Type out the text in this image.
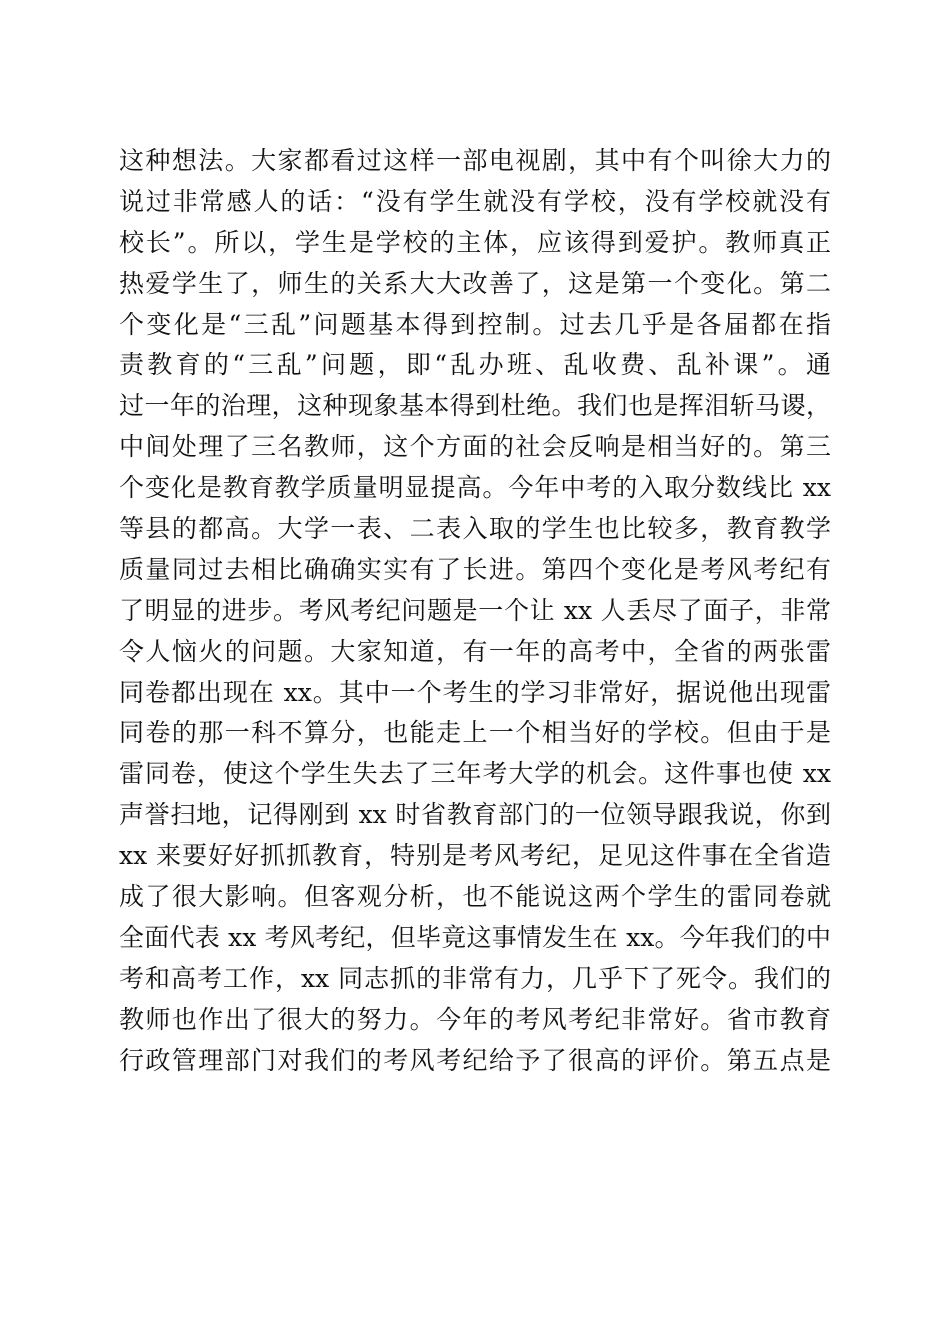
这种想法。大家都看过这样一部电视剧，其中有个叫徐大力的
说过非常感人的话：“没有学生就没有学校，没有学校就没有
校长”。所以，学生是学校的主体，应该得到爱护。教师真正
热爱学生了，师生的关系大大改善了，这是第一个变化。第二
个变化是“三乱”问题基本得到控制。过去几乎是各届都在指
责教育的“三乱”问题，即“乱办班、乱收费、乱补课”。通
过一年的治理，这种现象基本得到杜绝。我们也是挥泪斩马谡，
中间处理了三名教师，这个方面的社会反响是相当好的。第三
个变化是教育教学质量明显提高。今年中考的入取分数线比 xx
等县的都高。大学一表、二表入取的学生也比较多，教育教学
质量同过去相比确确实实有了长进。第四个变化是考风考纪有
了明显的进步。考风考纪问题是一个让 xx 人丢尽了面子，非常
令人恼火的问题。大家知道，有一年的高考中，全省的两张雷
同卷都出现在 xx。其中一个考生的学习非常好，据说他出现雷
同卷的那一科不算分，也能走上一个相当好的学校。但由于是
雷同卷，使这个学生失去了三年考大学的机会。这件事也使 xx
声誉扫地，记得刚到 xx 时省教育部门的一位领导跟我说，你到
xx 来要好好抓抓教育，特别是考风考纪，足见这件事在全省造
成了很大影响。但客观分析，也不能说这两个学生的雷同卷就
全面代表 xx 考风考纪，但毕竟这事情发生在 xx。今年我们的中
考和高考工作，xx 同志抓的非常有力，几乎下了死令。我们的
教师也作出了很大的努力。今年的考风考纪非常好。省市教育
行政管理部门对我们的考风考纪给予了很高的评价。第五点是
